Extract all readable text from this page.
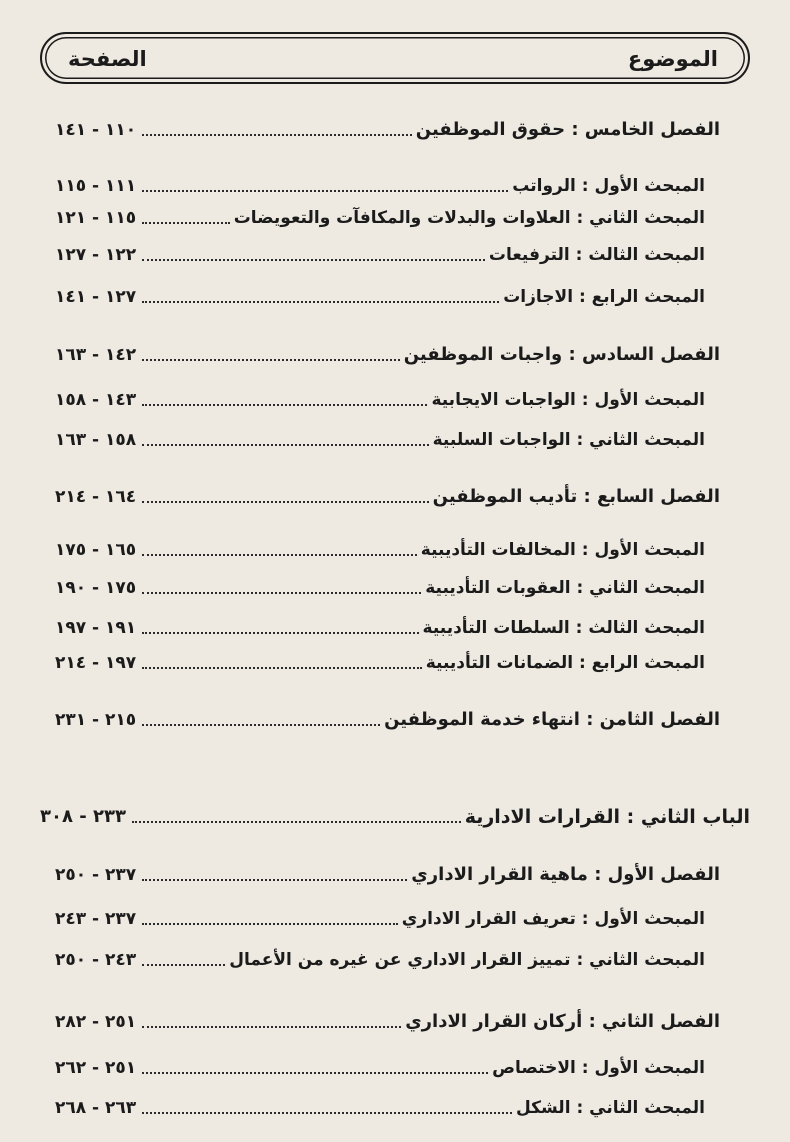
الموضوع
الصفحة
الفصل الخامس : حقوق الموظفين
١١٠ - ١٤١
المبحث الأول : الرواتب
١١١ - ١١٥
المبحث الثاني : العلاوات والبدلات والمكافآت والتعويضات
١١٥ - ١٢١
المبحث الثالث : الترفيعات
١٢٢ - ١٢٧
المبحث الرابع : الاجازات
١٢٧ - ١٤١
الفصل السادس : واجبات الموظفين
١٤٢ - ١٦٣
المبحث الأول : الواجبات الايجابية
١٤٣ - ١٥٨
المبحث الثاني : الواجبات السلبية
١٥٨ - ١٦٣
الفصل السابع : تأديب الموظفين
١٦٤ - ٢١٤
المبحث الأول : المخالفات التأديبية
١٦٥ - ١٧٥
المبحث الثاني : العقوبات التأديبية
١٧٥ - ١٩٠
المبحث الثالث : السلطات التأديبية
١٩١ - ١٩٧
المبحث الرابع : الضمانات التأديبية
١٩٧ - ٢١٤
الفصل الثامن : انتهاء خدمة الموظفين
٢١٥ - ٢٣١
الباب الثاني : القرارات الادارية
٢٣٣ - ٣٠٨
الفصل الأول : ماهية القرار الاداري
٢٣٧ - ٢٥٠
المبحث الأول : تعريف القرار الاداري
٢٣٧ - ٢٤٣
المبحث الثاني : تمييز القرار الاداري عن غيره من الأعمال
٢٤٣ - ٢٥٠
الفصل الثاني : أركان القرار الاداري
٢٥١ - ٢٨٢
المبحث الأول : الاختصاص
٢٥١ - ٢٦٢
المبحث الثاني : الشكل
٢٦٣ - ٢٦٨
